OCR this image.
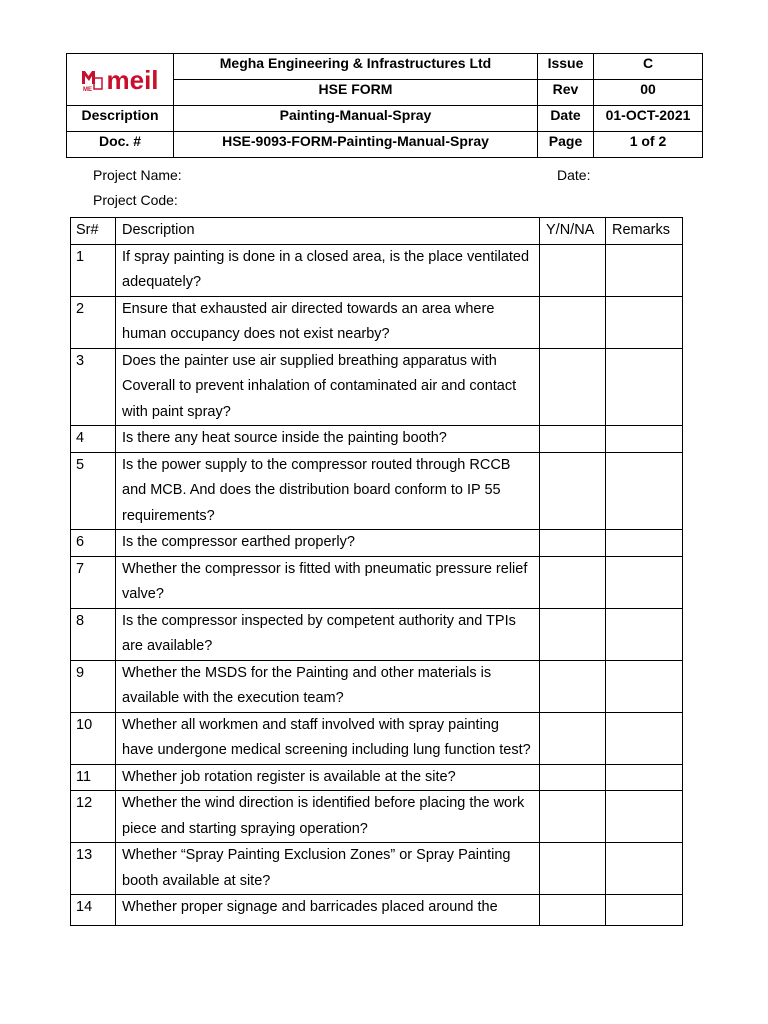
ME meil	Megha Engineering & Infrastructures Ltd	Issue	C
	HSE FORM	Rev	00
Description	Painting-Manual-Spray	Date	01-OCT-2021
Doc. #	HSE-9093-FORM-Painting-Manual-Spray	Page	1 of 2
Project Name:	Date:
Project Code:
Sr#	Description	Y/N/NA	Remarks
1	If spray painting is done in a closed area, is the place ventilated adequately?		
2	Ensure that exhausted air directed towards an area where human occupancy does not exist nearby?		
3	Does the painter use air supplied breathing apparatus with Coverall to prevent inhalation of contaminated air and contact with paint spray?		
4	Is there any heat source inside the painting booth?		
5	Is the power supply to the compressor routed through RCCB and MCB. And does the distribution board conform to IP 55 requirements?		
6	Is the compressor earthed properly?		
7	Whether the compressor is fitted with pneumatic pressure relief valve?		
8	Is the compressor inspected by competent authority and TPIs are available?		
9	Whether the MSDS for the Painting and other materials is available with the execution team?		
10	Whether all workmen and staff involved with spray painting have undergone medical screening including lung function test?		
11	Whether job rotation register is available at the site?		
12	Whether the wind direction is identified before placing the work piece and starting spraying operation?		
13	Whether “Spray Painting Exclusion Zones” or Spray Painting booth available at site?		
14	Whether proper signage and barricades placed around the		
